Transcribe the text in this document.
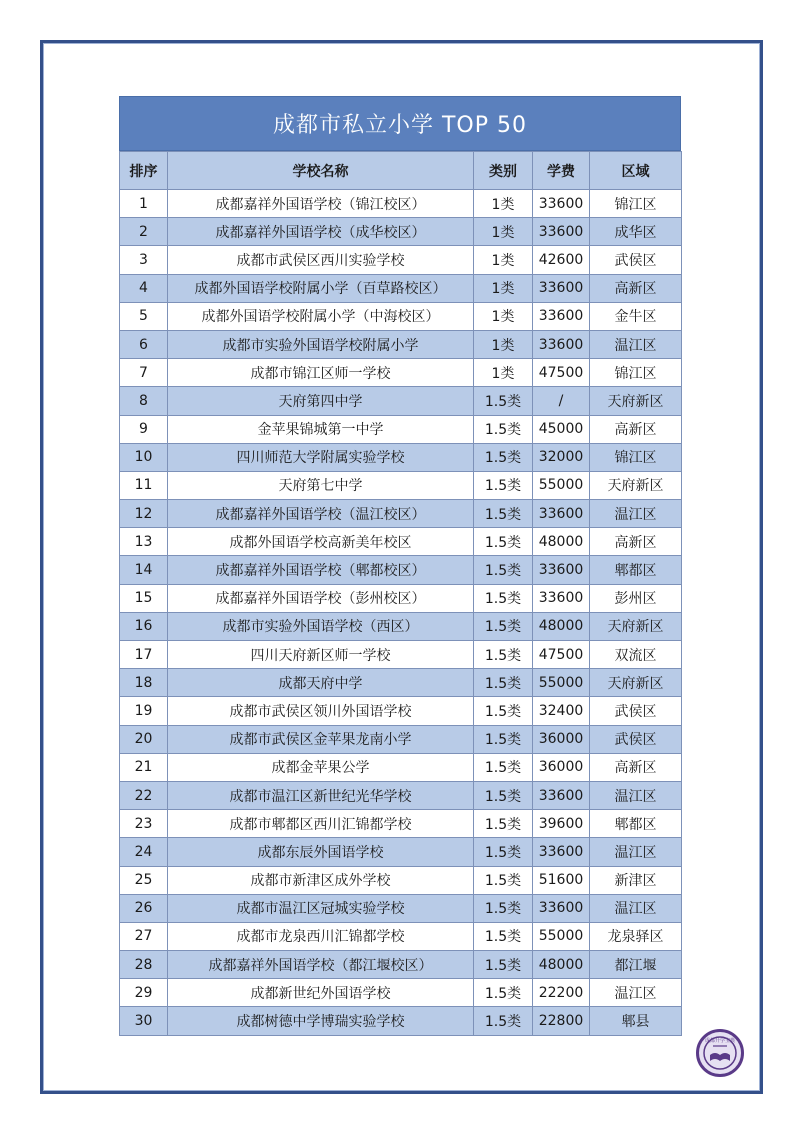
成都市私立小学 TOP 50
排序	学校名称	类别	学费	区域
1	成都嘉祥外国语学校（锦江校区）	1类	33600	锦江区
2	成都嘉祥外国语学校（成华校区）	1类	33600	成华区
3	成都市武侯区西川实验学校	1类	42600	武侯区
4	成都外国语学校附属小学（百草路校区）	1类	33600	高新区
5	成都外国语学校附属小学（中海校区）	1类	33600	金牛区
6	成都市实验外国语学校附属小学	1类	33600	温江区
7	成都市锦江区师一学校	1类	47500	锦江区
8	天府第四中学	1.5类	/	天府新区
9	金苹果锦城第一中学	1.5类	45000	高新区
10	四川师范大学附属实验学校	1.5类	32000	锦江区
11	天府第七中学	1.5类	55000	天府新区
12	成都嘉祥外国语学校（温江校区）	1.5类	33600	温江区
13	成都外国语学校高新美年校区	1.5类	48000	高新区
14	成都嘉祥外国语学校（郫都校区）	1.5类	33600	郫都区
15	成都嘉祥外国语学校（彭州校区）	1.5类	33600	彭州区
16	成都市实验外国语学校（西区）	1.5类	48000	天府新区
17	四川天府新区师一学校	1.5类	47500	双流区
18	成都天府中学	1.5类	55000	天府新区
19	成都市武侯区领川外国语学校	1.5类	32400	武侯区
20	成都市武侯区金苹果龙南小学	1.5类	36000	武侯区
21	成都金苹果公学	1.5类	36000	高新区
22	成都市温江区新世纪光华学校	1.5类	33600	温江区
23	成都市郫都区西川汇锦都学校	1.5类	39600	郫都区
24	成都东辰外国语学校	1.5类	33600	温江区
25	成都市新津区成外学校	1.5类	51600	新津区
26	成都市温江区冠城实验学校	1.5类	33600	温江区
27	成都市龙泉西川汇锦都学校	1.5类	55000	龙泉驿区
28	成都嘉祥外国语学校（都江堰校区）	1.5类	48000	都江堰
29	成都新世纪外国语学校	1.5类	22200	温江区
30	成都树德中学博瑞实验学校	1.5类	22800	郫县
成都升学宝典
